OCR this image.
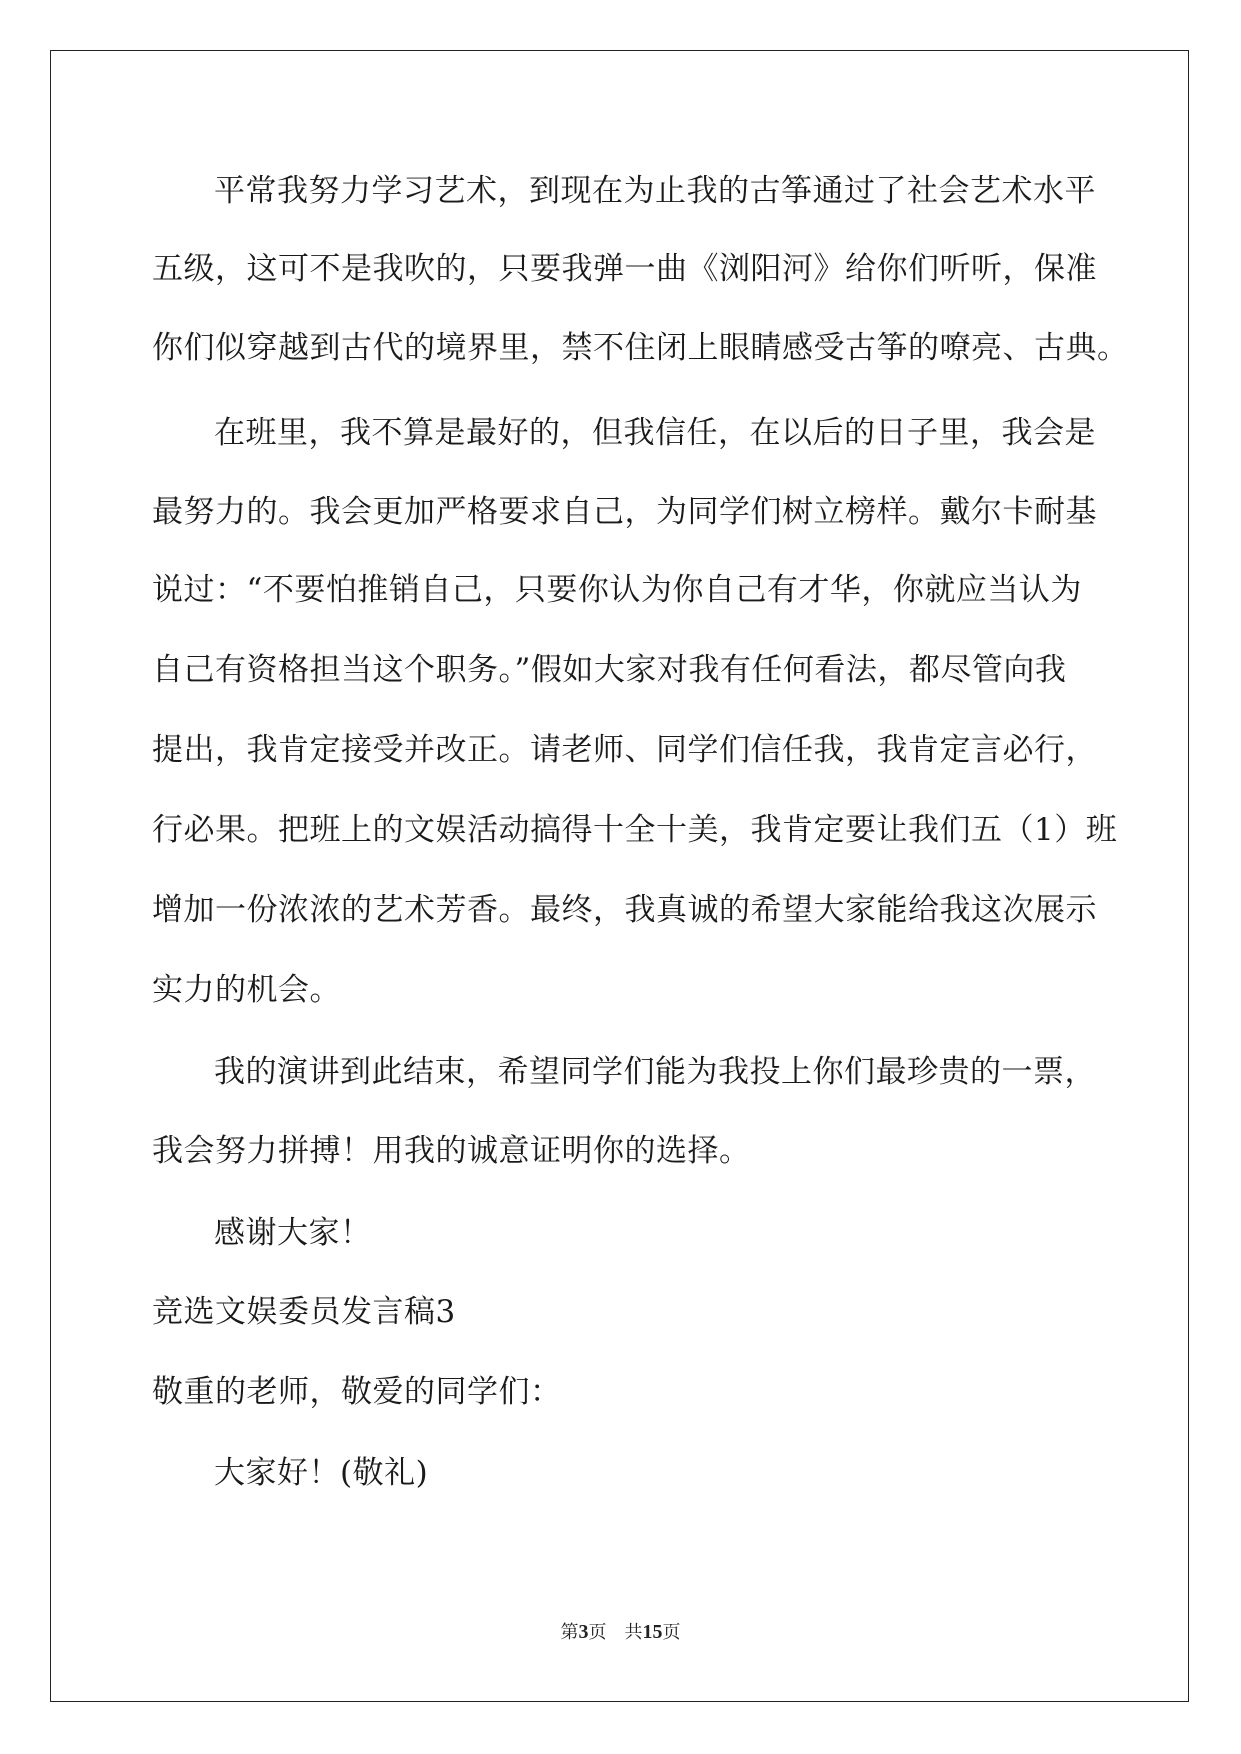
平常我努力学习艺术，到现在为止我的古筝通过了社会艺术水平

五级，这可不是我吹的，只要我弹一曲《浏阳河》给你们听听，保准

你们似穿越到古代的境界里，禁不住闭上眼睛感受古筝的嘹亮、古典。

在班里，我不算是最好的，但我信任，在以后的日子里，我会是

最努力的。我会更加严格要求自己，为同学们树立榜样。戴尔卡耐基

说过：“不要怕推销自己，只要你认为你自己有才华，你就应当认为

自己有资格担当这个职务。”假如大家对我有任何看法，都尽管向我

提出，我肯定接受并改正。请老师、同学们信任我，我肯定言必行，

行必果。把班上的文娱活动搞得十全十美，我肯定要让我们五（1）班

增加一份浓浓的艺术芳香。最终，我真诚的希望大家能给我这次展示

实力的机会。

我的演讲到此结束，希望同学们能为我投上你们最珍贵的一票，

我会努力拼搏！用我的诚意证明你的选择。

感谢大家！

竞选文娱委员发言稿3

敬重的老师，敬爱的同学们：

大家好！(敬礼)

第3页　共15页
